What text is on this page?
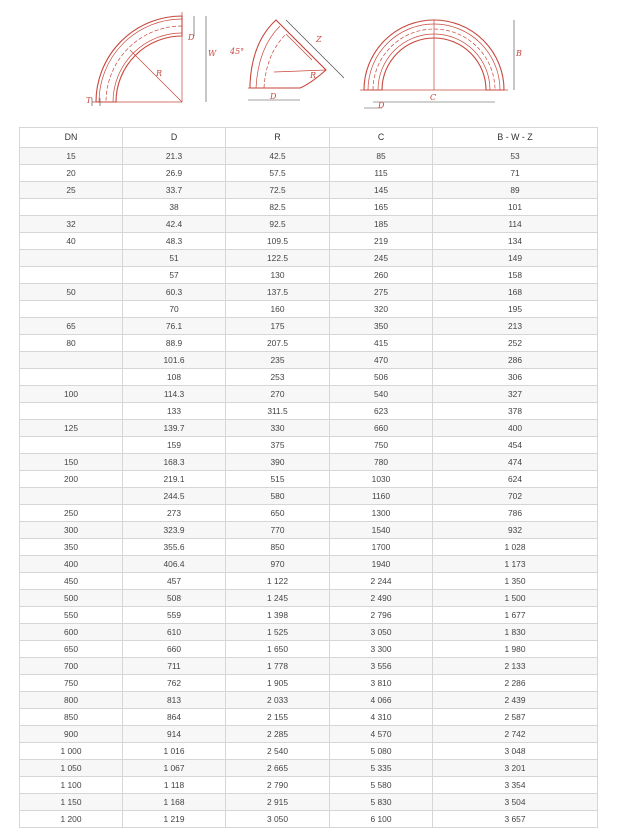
D
W
R
T
45°
D
Z
R
B
C
D
DN	D	R	C	B - W - Z
15	21.3	42.5	85	53
20	26.9	57.5	115	71
25	33.7	72.5	145	89
	38	82.5	165	101
32	42.4	92.5	185	114
40	48.3	109.5	219	134
	51	122.5	245	149
	57	130	260	158
50	60.3	137.5	275	168
	70	160	320	195
65	76.1	175	350	213
80	88.9	207.5	415	252
	101.6	235	470	286
	108	253	506	306
100	114.3	270	540	327
	133	311.5	623	378
125	139.7	330	660	400
	159	375	750	454
150	168.3	390	780	474
200	219.1	515	1030	624
	244.5	580	1160	702
250	273	650	1300	786
300	323.9	770	1540	932
350	355.6	850	1700	1 028
400	406.4	970	1940	1 173
450	457	1 122	2 244	1 350
500	508	1 245	2 490	1 500
550	559	1 398	2 796	1 677
600	610	1 525	3 050	1 830
650	660	1 650	3 300	1 980
700	711	1 778	3 556	2 133
750	762	1 905	3 810	2 286
800	813	2 033	4 066	2 439
850	864	2 155	4 310	2 587
900	914	2 285	4 570	2 742
1 000	1 016	2 540	5 080	3 048
1 050	1 067	2 665	5 335	3 201
1 100	1 118	2 790	5 580	3 354
1 150	1 168	2 915	5 830	3 504
1 200	1 219	3 050	6 100	3 657
